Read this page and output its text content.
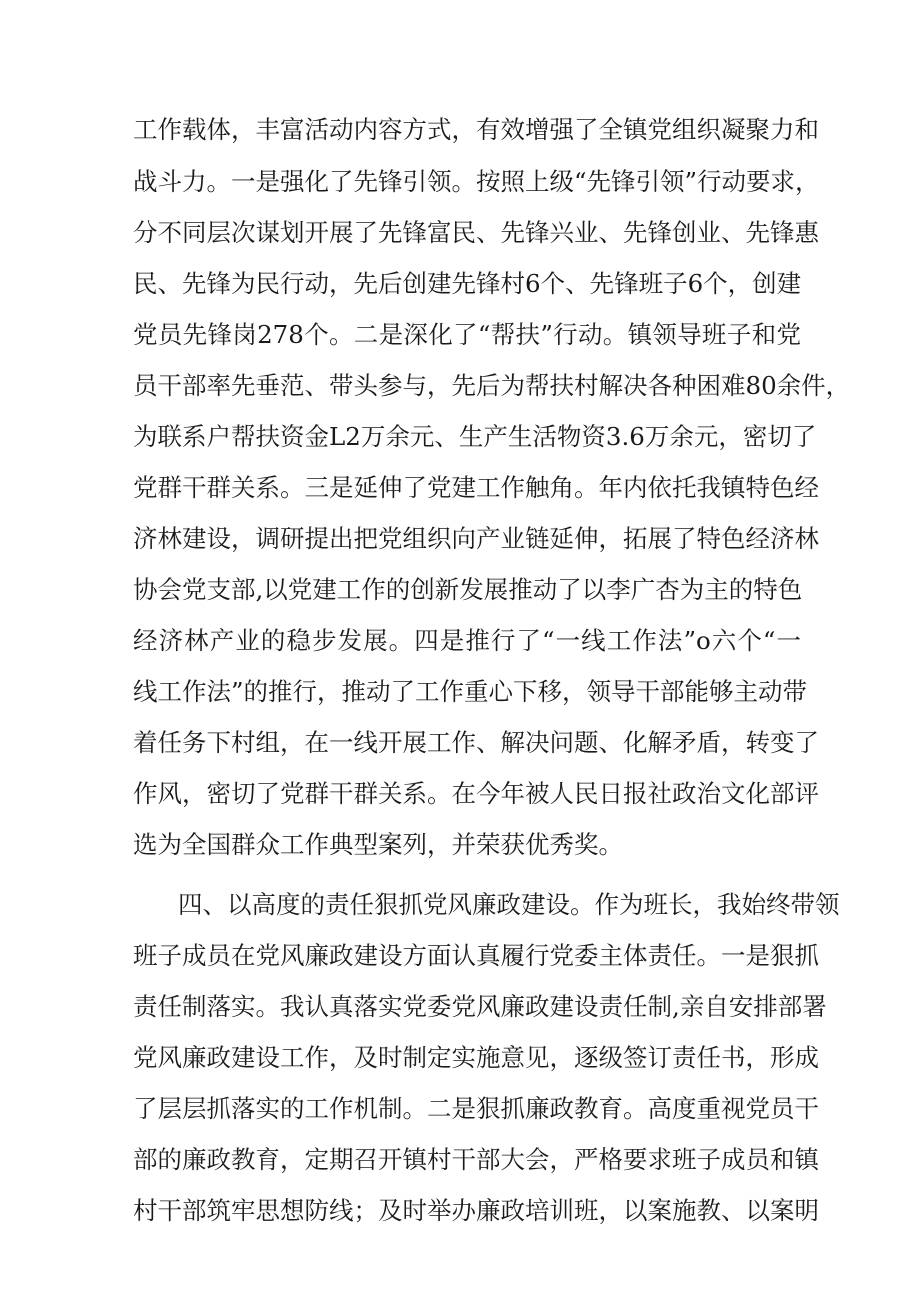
工作载体，丰富活动内容方式，有效增强了全镇党组织凝聚力和
战斗力。一是强化了先锋引领。按照上级“先锋引领”行动要求，
分不同层次谋划开展了先锋富民、先锋兴业、先锋创业、先锋惠
民、先锋为民行动，先后创建先锋村6个、先锋班子6个，创建
党员先锋岗278个。二是深化了“帮扶”行动。镇领导班子和党
员干部率先垂范、带头参与，先后为帮扶村解决各种困难80余件，
为联系户帮扶资金L2万余元、生产生活物资3.6万余元，密切了
党群干群关系。三是延伸了党建工作触角。年内依托我镇特色经
济林建设，调研提出把党组织向产业链延伸，拓展了特色经济林
协会党支部,以党建工作的创新发展推动了以李广杏为主的特色
经济林产业的稳步发展。四是推行了“一线工作法”o六个“一
线工作法”的推行，推动了工作重心下移，领导干部能够主动带
着任务下村组，在一线开展工作、解决问题、化解矛盾，转变了
作风，密切了党群干群关系。在今年被人民日报社政治文化部评
选为全国群众工作典型案列，并荣获优秀奖。
四、以高度的责任狠抓党风廉政建设。作为班长，我始终带领
班子成员在党风廉政建设方面认真履行党委主体责任。一是狠抓
责任制落实。我认真落实党委党风廉政建设责任制,亲自安排部署
党风廉政建设工作，及时制定实施意见，逐级签订责任书，形成
了层层抓落实的工作机制。二是狠抓廉政教育。高度重视党员干
部的廉政教育，定期召开镇村干部大会，严格要求班子成员和镇
村干部筑牢思想防线；及时举办廉政培训班，以案施教、以案明
